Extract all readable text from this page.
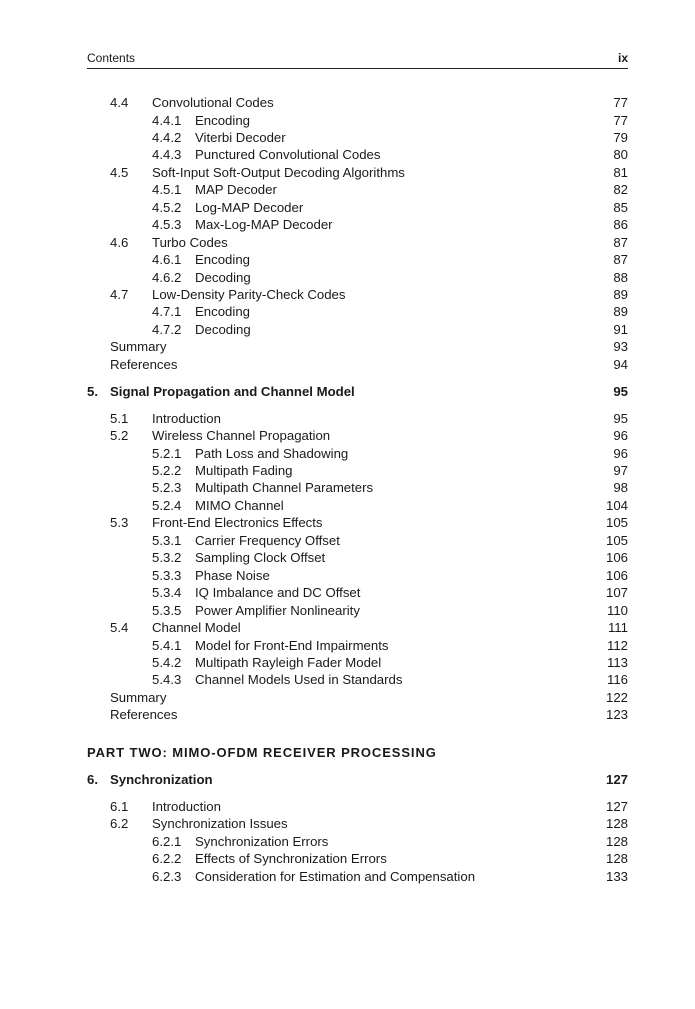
Contents	ix
4.4 Convolutional Codes	77
4.4.1 Encoding	77
4.4.2 Viterbi Decoder	79
4.4.3 Punctured Convolutional Codes	80
4.5 Soft-Input Soft-Output Decoding Algorithms	81
4.5.1 MAP Decoder	82
4.5.2 Log-MAP Decoder	85
4.5.3 Max-Log-MAP Decoder	86
4.6 Turbo Codes	87
4.6.1 Encoding	87
4.6.2 Decoding	88
4.7 Low-Density Parity-Check Codes	89
4.7.1 Encoding	89
4.7.2 Decoding	91
Summary	93
References	94
5. Signal Propagation and Channel Model	95
5.1 Introduction	95
5.2 Wireless Channel Propagation	96
5.2.1 Path Loss and Shadowing	96
5.2.2 Multipath Fading	97
5.2.3 Multipath Channel Parameters	98
5.2.4 MIMO Channel	104
5.3 Front-End Electronics Effects	105
5.3.1 Carrier Frequency Offset	105
5.3.2 Sampling Clock Offset	106
5.3.3 Phase Noise	106
5.3.4 IQ Imbalance and DC Offset	107
5.3.5 Power Amplifier Nonlinearity	110
5.4 Channel Model	111
5.4.1 Model for Front-End Impairments	112
5.4.2 Multipath Rayleigh Fader Model	113
5.4.3 Channel Models Used in Standards	116
Summary	122
References	123
PART TWO: MIMO-OFDM RECEIVER PROCESSING
6. Synchronization	127
6.1 Introduction	127
6.2 Synchronization Issues	128
6.2.1 Synchronization Errors	128
6.2.2 Effects of Synchronization Errors	128
6.2.3 Consideration for Estimation and Compensation	133
